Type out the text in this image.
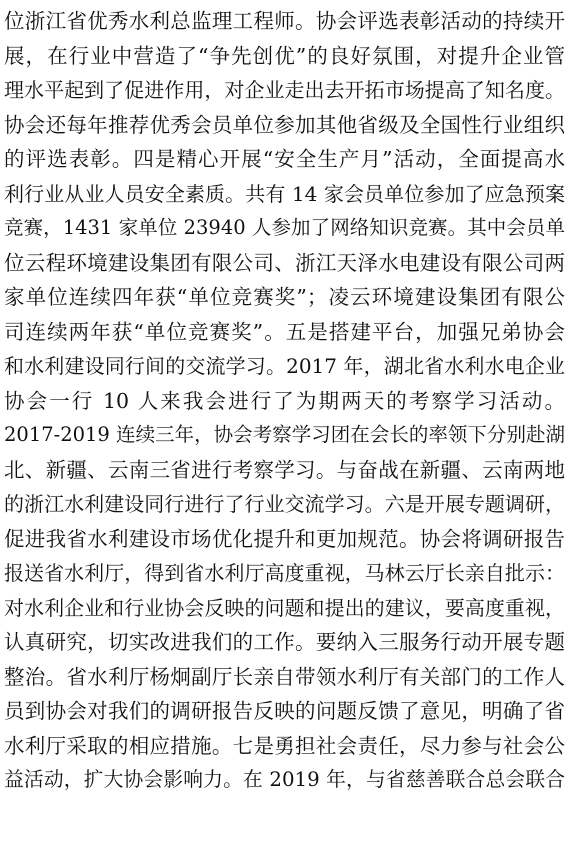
位浙江省优秀水利总监理工程师。协会评选表彰活动的持续开
展，在行业中营造了“争先创优”的良好氛围，对提升企业管
理水平起到了促进作用，对企业走出去开拓市场提高了知名度。
协会还每年推荐优秀会员单位参加其他省级及全国性行业组织
的评选表彰。四是精心开展“安全生产月”活动，全面提高水
利行业从业人员安全素质。共有 14 家会员单位参加了应急预案
竞赛，1431 家单位 23940 人参加了网络知识竞赛。其中会员单
位云程环境建设集团有限公司、浙江天泽水电建设有限公司两
家单位连续四年获“单位竞赛奖”；凌云环境建设集团有限公
司连续两年获“单位竞赛奖”。五是搭建平台，加强兄弟协会
和水利建设同行间的交流学习。2017 年，湖北省水利水电企业
协会一行 10 人来我会进行了为期两天的考察学习活动。
2017-2019 连续三年，协会考察学习团在会长的率领下分别赴湖
北、新疆、云南三省进行考察学习。与奋战在新疆、云南两地
的浙江水利建设同行进行了行业交流学习。六是开展专题调研，
促进我省水利建设市场优化提升和更加规范。协会将调研报告
报送省水利厅，得到省水利厅高度重视，马林云厅长亲自批示：
对水利企业和行业协会反映的问题和提出的建议，要高度重视，
认真研究，切实改进我们的工作。要纳入三服务行动开展专题
整治。省水利厅杨炯副厅长亲自带领水利厅有关部门的工作人
员到协会对我们的调研报告反映的问题反馈了意见，明确了省
水利厅采取的相应措施。七是勇担社会责任，尽力参与社会公
益活动，扩大协会影响力。在 2019 年，与省慈善联合总会联合
